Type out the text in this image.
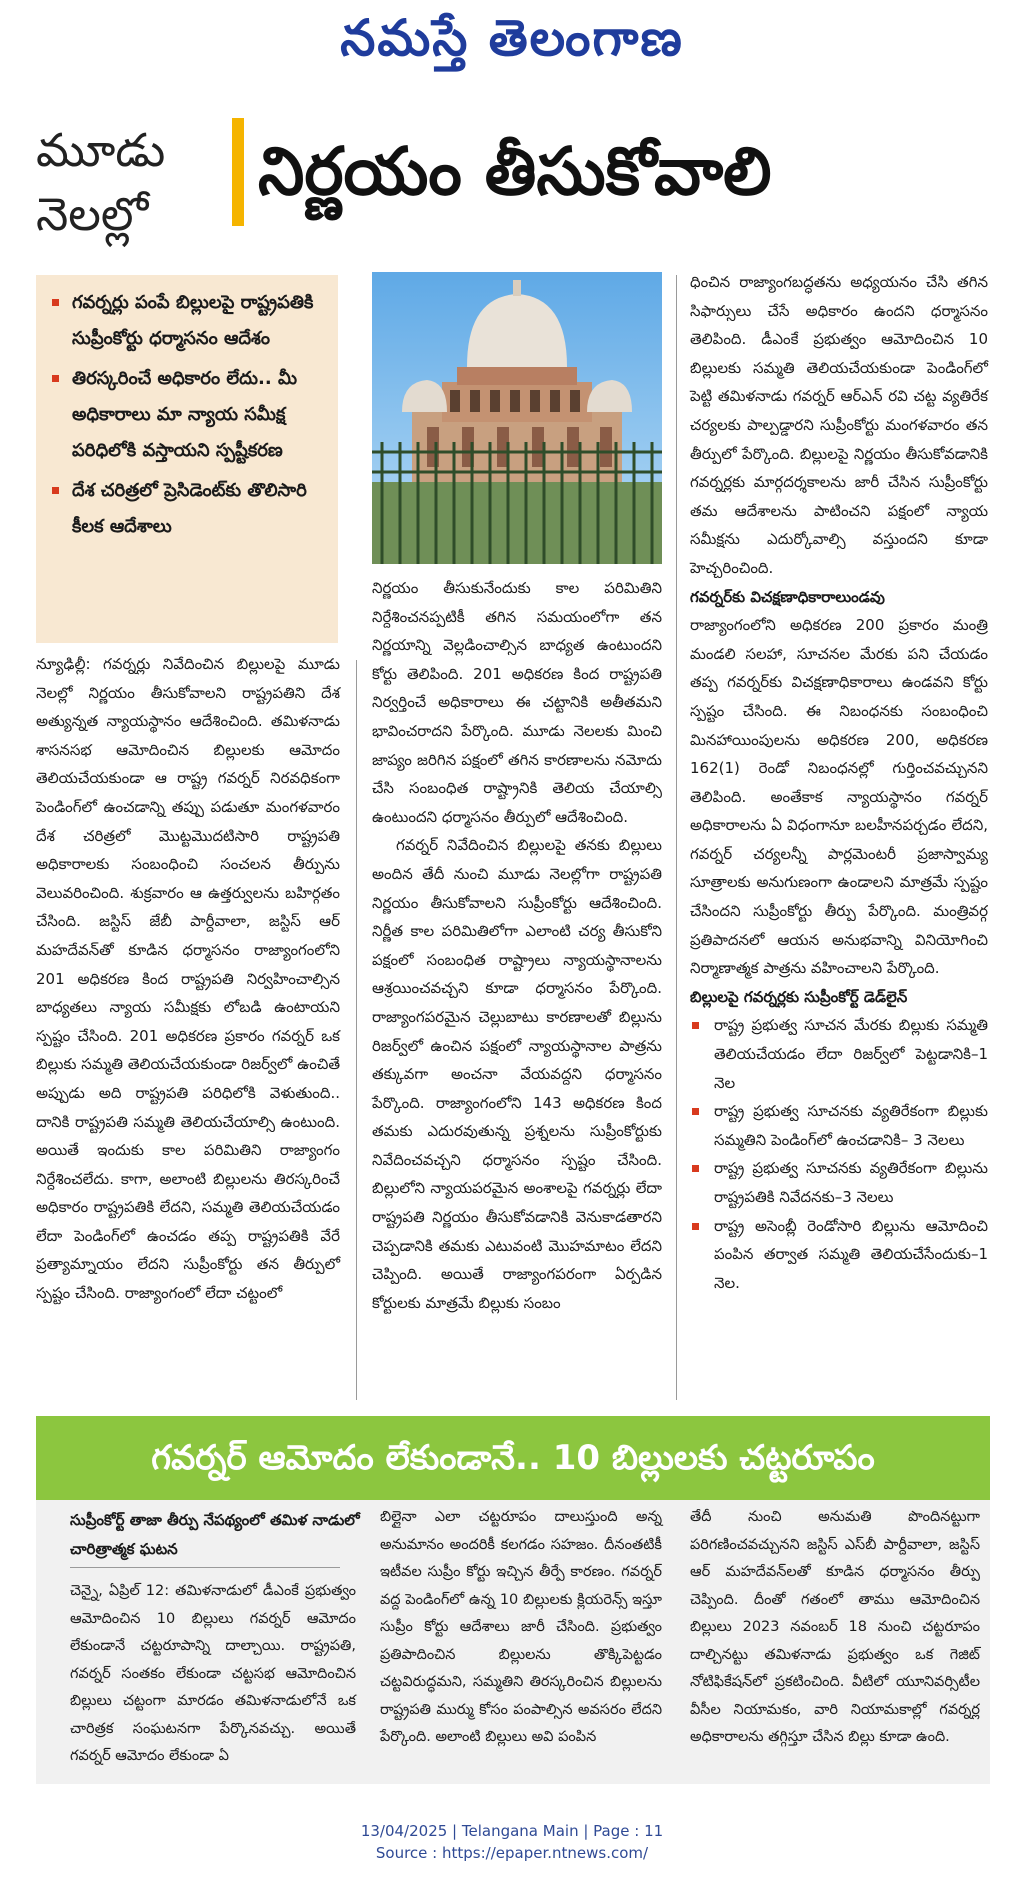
నమస్తే తెలంగాణ
మూడు
నెలల్లో
నిర్ణయం తీసుకోవాలి
గవర్నర్లు పంపే బిల్లులపై రాష్ట్రపతికి సుప్రీంకోర్టు ధర్మాసనం ఆదేశం
తిరస్కరించే అధికారం లేదు.. మీ అధికారాలు మా న్యాయ సమీక్ష పరిధిలోకి వస్తాయని స్పష్టీకరణ
దేశ చరిత్రలో ప్రెసిడెంట్‌కు తొలిసారి కీలక ఆదేశాలు

న్యూఢిల్లీ: గవర్నర్లు నివేదించిన బిల్లులపై మూడు నెలల్లో నిర్ణయం తీసుకోవాలని రాష్ట్రపతిని దేశ అత్యున్నత న్యాయస్థానం ఆదేశించింది. తమిళనాడు శాసనసభ ఆమోదించిన బిల్లులకు ఆమోదం తెలియచేయకుండా ఆ రాష్ట్ర గవర్నర్ నిరవధికంగా పెండింగ్‌లో ఉంచడాన్ని తప్పు పడుతూ మంగళవారం దేశ చరిత్రలో మొట్టమొదటిసారి రాష్ట్రపతి అధికారాలకు సంబంధించి సంచలన తీర్పును వెలువరించింది. శుక్రవారం ఆ ఉత్తర్వులను బహిర్గతం చేసింది. జస్టిస్ జేబీ పార్దీవాలా, జస్టిస్ ఆర్ మహదేవన్‌తో కూడిన ధర్మాసనం రాజ్యాంగంలోని 201 అధికరణ కింద రాష్ట్రపతి నిర్వహించాల్సిన బాధ్యతలు న్యాయ సమీక్షకు లోబడి ఉంటాయని స్పష్టం చేసింది. 201 అధికరణ ప్రకారం గవర్నర్ ఒక బిల్లుకు సమ్మతి తెలియచేయకుండా రిజర్వ్‌లో ఉంచితే అప్పుడు అది రాష్ట్రపతి పరిధిలోకి వెళుతుంది.. దానికి రాష్ట్రపతి సమ్మతి తెలియచేయాల్సి ఉంటుంది. అయితే ఇందుకు కాల పరిమితిని రాజ్యాంగం నిర్దేశించలేదు. కాగా, అలాంటి బిల్లులను తిరస్కరించే అధికారం రాష్ట్రపతికి లేదని, సమ్మతి తెలియచేయడం లేదా పెండింగ్‌లో ఉంచడం తప్ప రాష్ట్రపతికి వేరే ప్రత్యామ్నాయం లేదని సుప్రీంకోర్టు తన తీర్పులో స్పష్టం చేసింది. రాజ్యాంగంలో లేదా చట్టంలో

నిర్ణయం తీసుకునేందుకు కాల పరిమితిని నిర్దేశించనప్పటికీ తగిన సమయంలోగా తన నిర్ణయాన్ని వెల్లడించాల్సిన బాధ్యత ఉంటుందని కోర్టు తెలిపింది. 201 అధికరణ కింద రాష్ట్రపతి నిర్వర్తించే అధికారాలు ఈ చట్టానికి అతీతమని భావించరాదని పేర్కొంది. మూడు నెలలకు మించి జాప్యం జరిగిన పక్షంలో తగిన కారణాలను నమోదు చేసి సంబంధిత రాష్ట్రానికి తెలియ చేయాల్సి ఉంటుందని ధర్మాసనం తీర్పులో ఆదేశించింది.

గవర్నర్ నివేదించిన బిల్లులపై తనకు బిల్లులు అందిన తేదీ నుంచి మూడు నెలల్లోగా రాష్ట్రపతి నిర్ణయం తీసుకోవాలని సుప్రీంకోర్టు ఆదేశించింది. నిర్ణీత కాల పరిమితిలోగా ఎలాంటి చర్య తీసుకోని పక్షంలో సంబంధిత రాష్ట్రాలు న్యాయస్థానాలను ఆశ్రయించవచ్చని కూడా ధర్మాసనం పేర్కొంది. రాజ్యాంగపరమైన చెల్లుబాటు కారణాలతో బిల్లును రిజర్వ్‌లో ఉంచిన పక్షంలో న్యాయస్థానాల పాత్రను తక్కువగా అంచనా వేయవద్దని ధర్మాసనం పేర్కొంది. రాజ్యాంగంలోని 143 అధికరణ కింద తమకు ఎదురవుతున్న ప్రశ్నలను సుప్రీంకోర్టుకు నివేదించవచ్చని ధర్మాసనం స్పష్టం చేసింది. బిల్లులోని న్యాయపరమైన అంశాలపై గవర్నర్లు లేదా రాష్ట్రపతి నిర్ణయం తీసుకోవడానికి వెనుకాడతారని చెప్పడానికి తమకు ఎటువంటి మొహమాటం లేదని చెప్పింది. అయితే రాజ్యాంగపరంగా ఏర్పడిన కోర్టులకు మాత్రమే బిల్లుకు సంబం

ధించిన రాజ్యాంగబద్ధతను అధ్యయనం చేసి తగిన సిఫార్సులు చేసే అధికారం ఉందని ధర్మాసనం తెలిపింది. డీఎంకే ప్రభుత్వం ఆమోదించిన 10 బిల్లులకు సమ్మతి తెలియచేయకుండా పెండింగ్‌లో పెట్టి తమిళనాడు గవర్నర్ ఆర్‌ఎన్ రవి చట్ట వ్యతిరేక చర్యలకు పాల్పడ్డారని సుప్రీంకోర్టు మంగళవారం తన తీర్పులో పేర్కొంది. బిల్లులపై నిర్ణయం తీసుకోవడానికి గవర్నర్లకు మార్గదర్శకాలను జారీ చేసిన సుప్రీంకోర్టు తమ ఆదేశాలను పాటించని పక్షంలో న్యాయ సమీక్షను ఎదుర్కోవాల్సి వస్తుందని కూడా హెచ్చరించింది.

గవర్నర్‌కు విచక్షణాధికారాలుండవు

రాజ్యాంగంలోని అధికరణ 200 ప్రకారం మంత్రి మండలి సలహా, సూచనల మేరకు పని చేయడం తప్ప గవర్నర్‌కు విచక్షణాధికారాలు ఉండవని కోర్టు స్పష్టం చేసింది. ఈ నిబంధనకు సంబంధించి మినహాయింపులను అధికరణ 200, అధికరణ 162(1) రెండో నిబంధనల్లో గుర్తించవచ్చునని తెలిపింది. అంతేకాక న్యాయస్థానం గవర్నర్ అధికారాలను ఏ విధంగానూ బలహీనపర్చడం లేదని, గవర్నర్ చర్యలన్నీ పార్లమెంటరీ ప్రజాస్వామ్య సూత్రాలకు అనుగుణంగా ఉండాలని మాత్రమే స్పష్టం చేసిందని సుప్రీంకోర్టు తీర్పు పేర్కొంది. మంత్రివర్గ ప్రతిపాదనలో ఆయన అనుభవాన్ని వినియోగించి నిర్మాణాత్మక పాత్రను వహించాలని పేర్కొంది.

బిల్లులపై గవర్నర్లకు సుప్రీంకోర్ట్ డెడ్‌లైన్

రాష్ట్ర ప్రభుత్వ సూచన మేరకు బిల్లుకు సమ్మతి తెలియచేయడం లేదా రిజర్వ్‌లో పెట్టడానికి–1 నెల
రాష్ట్ర ప్రభుత్వ సూచనకు వ్యతిరేకంగా బిల్లుకు సమ్మతిని పెండింగ్‌లో ఉంచడానికి– 3 నెలలు
రాష్ట్ర ప్రభుత్వ సూచనకు వ్యతిరేకంగా బిల్లును రాష్ట్రపతికి నివేదనకు–3 నెలలు
రాష్ట్ర అసెంబ్లీ రెండోసారి బిల్లును ఆమోదించి పంపిన తర్వాత సమ్మతి తెలియచేసేందుకు–1 నెల.
గవర్నర్ ఆమోదం లేకుండానే.. 10 బిల్లులకు చట్టరూపం
సుప్రీంకోర్ట్ తాజా తీర్పు నేపథ్యంలో తమిళ నాడులో చారిత్రాత్మక ఘటన

చెన్నై, ఏప్రిల్ 12: తమిళనాడులో డీఎంకే ప్రభుత్వం ఆమోదించిన 10 బిల్లులు గవర్నర్ ఆమోదం లేకుండానే చట్టరూపాన్ని దాల్చాయి. రాష్ట్రపతి, గవర్నర్ సంతకం లేకుండా చట్టసభ ఆమోదించిన బిల్లులు చట్టంగా మారడం తమిళనాడులోనే ఒక చారిత్రక సంఘటనగా పేర్కొనవచ్చు. అయితే గవర్నర్ ఆమోదం లేకుండా ఏ

బిల్లైనా ఎలా చట్టరూపం దాలుస్తుంది అన్న అనుమానం అందరికీ కలగడం సహజం. దీనంతటికీ ఇటీవల సుప్రీం కోర్టు ఇచ్చిన తీర్పే కారణం. గవర్నర్ వద్ద పెండింగ్‌లో ఉన్న 10 బిల్లులకు క్లియరెన్స్ ఇస్తూ సుప్రీం కోర్టు ఆదేశాలు జారీ చేసింది. ప్రభుత్వం ప్రతిపాదించిన బిల్లులను తొక్కిపెట్టడం చట్టవిరుద్ధమని, సమ్మతిని తిరస్కరించిన బిల్లులను రాష్ట్రపతి ముర్ము కోసం పంపాల్సిన అవసరం లేదని పేర్కొంది. అలాంటి బిల్లులు అవి పంపిన

తేదీ నుంచి అనుమతి పొందినట్టుగా పరిగణించవచ్చునని జస్టిస్ ఎస్‌బీ పార్దీవాలా, జస్టిస్ ఆర్ మహదేవన్‌లతో కూడిన ధర్మాసనం తీర్పు చెప్పింది. దీంతో గతంలో తాము ఆమోదించిన బిల్లులు 2023 నవంబర్ 18 నుంచి చట్టరూపం దాల్చినట్టు తమిళనాడు ప్రభుత్వం ఒక గెజిట్ నోటిఫికేషన్‌లో ప్రకటించింది. వీటిలో యూనివర్సిటీల వీసీల నియామకం, వారి నియామకాల్లో గవర్నర్ల అధికారాలను తగ్గిస్తూ చేసిన బిల్లు కూడా ఉంది.

13/04/2025 | Telangana Main | Page : 11
Source : https://epaper.ntnews.com/
